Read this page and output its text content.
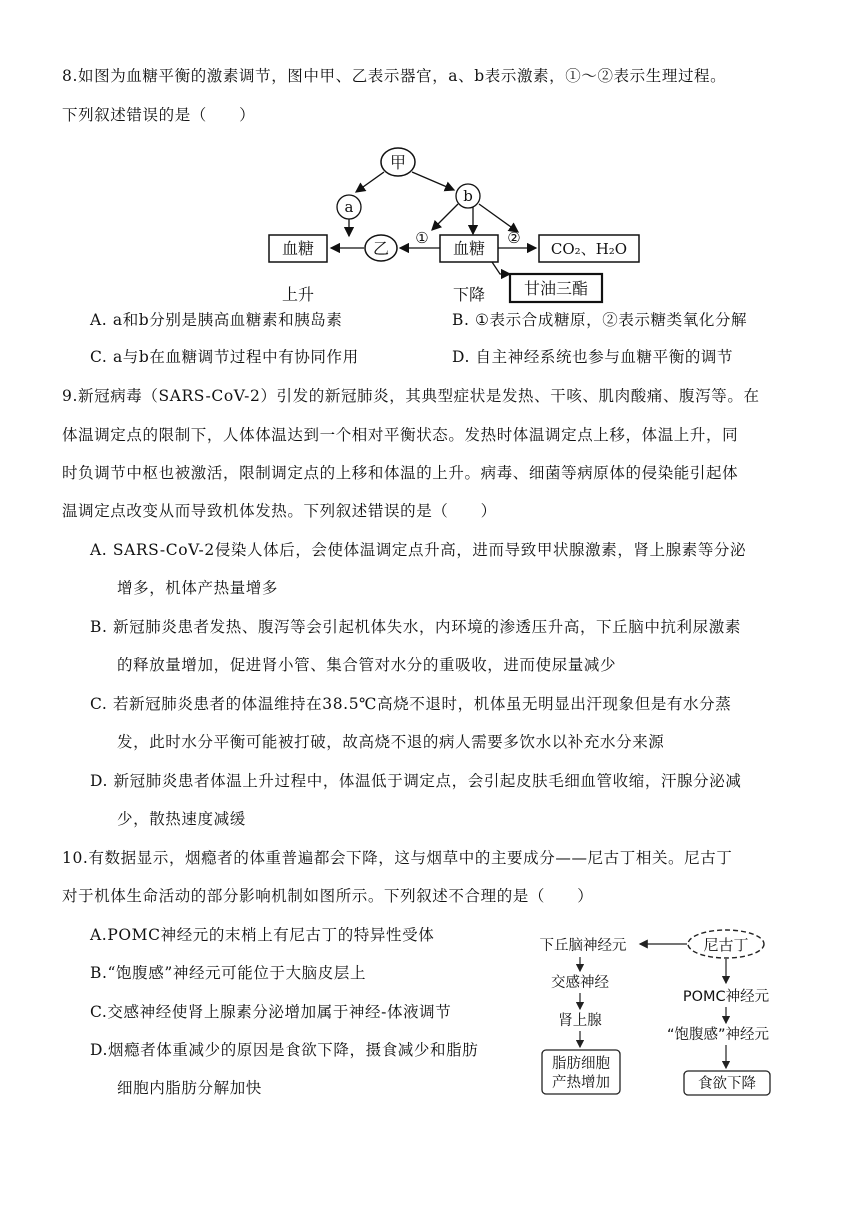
8.如图为血糖平衡的激素调节，图中甲、乙表示器官，a、b表示激素，①～②表示生理过程。
下列叙述错误的是（　　）
甲
a
b
血糖	乙
①
血糖
②
CO₂、H₂O
甘油三酯
上升	下降
A. a和b分别是胰高血糖素和胰岛素	B. ①表示合成糖原，②表示糖类氧化分解
C. a与b在血糖调节过程中有协同作用	D. 自主神经系统也参与血糖平衡的调节
9.新冠病毒（SARS-CoV-2）引发的新冠肺炎，其典型症状是发热、干咳、肌肉酸痛、腹泻等。在
体温调定点的限制下，人体体温达到一个相对平衡状态。发热时体温调定点上移，体温上升，同
时负调节中枢也被激活，限制调定点的上移和体温的上升。病毒、细菌等病原体的侵染能引起体
温调定点改变从而导致机体发热。下列叙述错误的是（　　）
A. SARS-CoV-2侵染人体后，会使体温调定点升高，进而导致甲状腺激素，肾上腺素等分泌
增多，机体产热量增多
B. 新冠肺炎患者发热、腹泻等会引起机体失水，内环境的渗透压升高，下丘脑中抗利尿激素
的释放量增加，促进肾小管、集合管对水分的重吸收，进而使尿量减少
C. 若新冠肺炎患者的体温维持在38.5℃高烧不退时，机体虽无明显出汗现象但是有水分蒸
发，此时水分平衡可能被打破，故高烧不退的病人需要多饮水以补充水分来源
D. 新冠肺炎患者体温上升过程中，体温低于调定点，会引起皮肤毛细血管收缩，汗腺分泌减
少，散热速度减缓
10.有数据显示，烟瘾者的体重普遍都会下降，这与烟草中的主要成分——尼古丁相关。尼古丁
对于机体生命活动的部分影响机制如图所示。下列叙述不合理的是（　　）
A.POMC神经元的末梢上有尼古丁的特异性受体
B.“饱腹感”神经元可能位于大脑皮层上
C.交感神经使肾上腺素分泌增加属于神经-体液调节
D.烟瘾者体重减少的原因是食欲下降，摄食减少和脂肪
细胞内脂肪分解加快
尼古丁
下丘脑神经元
交感神经
肾上腺
脂肪细胞
产热增加
POMC神经元
“饱腹感”神经元
食欲下降
